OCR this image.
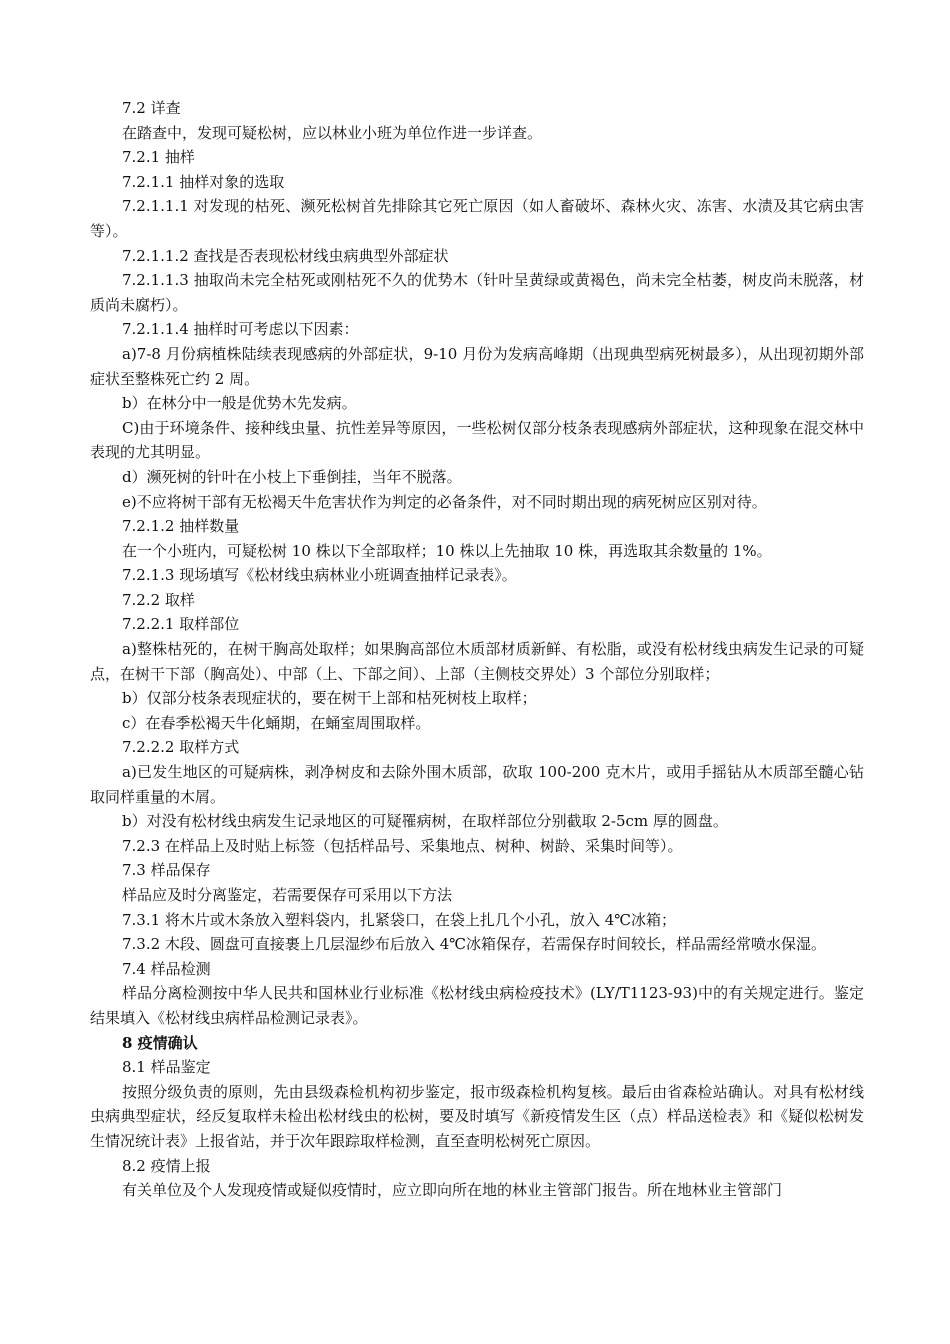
7.2 详查

在踏查中，发现可疑松树，应以林业小班为单位作进一步详查。

7.2.1 抽样

7.2.1.1 抽样对象的选取

7.2.1.1.1 对发现的枯死、濒死松树首先排除其它死亡原因（如人畜破坏、森林火灾、冻害、水渍及其它病虫害等）。

7.2.1.1.2 查找是否表现松材线虫病典型外部症状

7.2.1.1.3 抽取尚未完全枯死或刚枯死不久的优势木（针叶呈黄绿或黄褐色，尚未完全枯萎，树皮尚未脱落，材质尚未腐朽）。

7.2.1.1.4 抽样时可考虑以下因素：

a)7-8 月份病植株陆续表现感病的外部症状，9-10 月份为发病高峰期（出现典型病死树最多），从出现初期外部症状至整株死亡约 2 周。

b）在林分中一般是优势木先发病。

C)由于环境条件、接种线虫量、抗性差异等原因，一些松树仅部分枝条表现感病外部症状，这种现象在混交林中表现的尤其明显。

d）濒死树的针叶在小枝上下垂倒挂，当年不脱落。

e)不应将树干部有无松褐天牛危害状作为判定的必备条件，对不同时期出现的病死树应区别对待。

7.2.1.2 抽样数量

在一个小班内，可疑松树 10 株以下全部取样；10 株以上先抽取 10 株，再选取其余数量的 1%。

7.2.1.3 现场填写《松材线虫病林业小班调查抽样记录表》。

7.2.2 取样

7.2.2.1 取样部位

a)整株枯死的，在树干胸高处取样；如果胸高部位木质部材质新鲜、有松脂，或没有松材线虫病发生记录的可疑点，在树干下部（胸高处）、中部（上、下部之间）、上部（主侧枝交界处）3 个部位分别取样；

b）仅部分枝条表现症状的，要在树干上部和枯死树枝上取样；

c）在春季松褐天牛化蛹期，在蛹室周围取样。

7.2.2.2 取样方式

a)已发生地区的可疑病株，剥净树皮和去除外围木质部，砍取 100-200 克木片，或用手摇钻从木质部至髓心钻取同样重量的木屑。

b）对没有松材线虫病发生记录地区的可疑罹病树，在取样部位分别截取 2-5cm 厚的圆盘。

7.2.3 在样品上及时贴上标签（包括样品号、采集地点、树种、树龄、采集时间等）。

7.3 样品保存

样品应及时分离鉴定，若需要保存可采用以下方法

7.3.1 将木片或木条放入塑料袋内，扎紧袋口，在袋上扎几个小孔，放入 4℃冰箱；

7.3.2 木段、圆盘可直接裹上几层湿纱布后放入 4℃冰箱保存，若需保存时间较长，样品需经常喷水保湿。

7.4 样品检测

样品分离检测按中华人民共和国林业行业标准《松材线虫病检疫技术》(LY/T1123-93)中的有关规定进行。鉴定结果填入《松材线虫病样品检测记录表》。

8 疫情确认

8.1 样品鉴定

按照分级负责的原则，先由县级森检机构初步鉴定，报市级森检机构复核。最后由省森检站确认。对具有松材线虫病典型症状，经反复取样未检出松材线虫的松树，要及时填写《新疫情发生区（点）样品送检表》和《疑似松树发生情况统计表》上报省站，并于次年跟踪取样检测，直至查明松树死亡原因。

8.2 疫情上报

有关单位及个人发现疫情或疑似疫情时，应立即向所在地的林业主管部门报告。所在地林业主管部门
